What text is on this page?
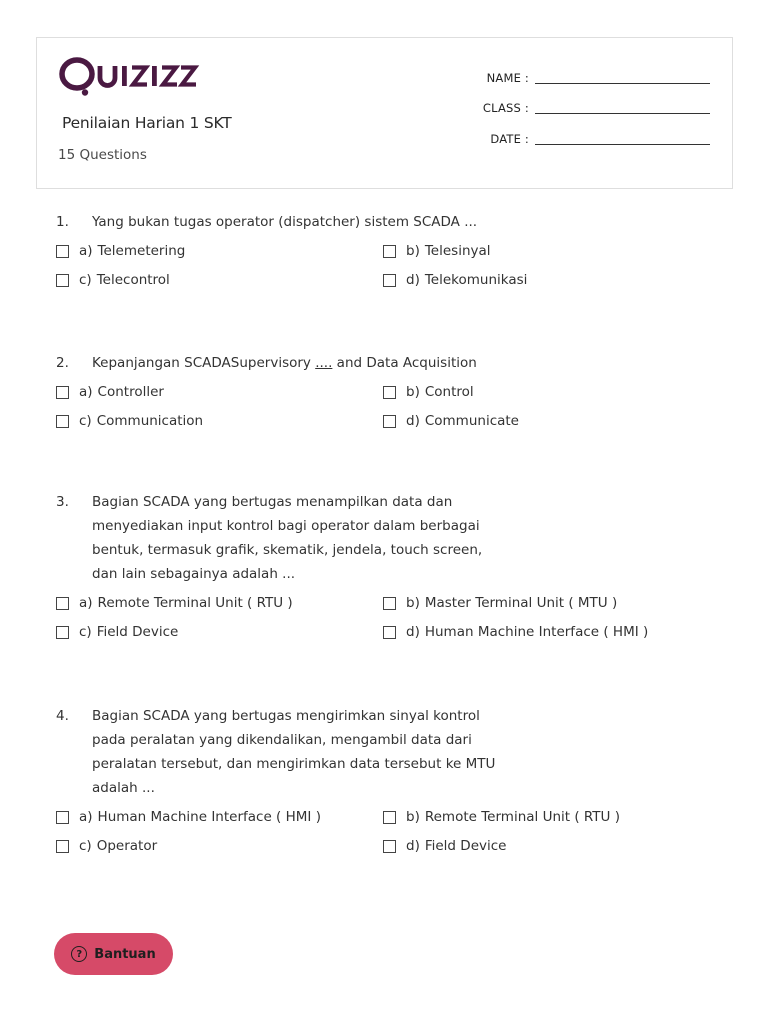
Penilaian Harian 1 SKT
15 Questions
NAME :
CLASS :
DATE :
1.	Yang bukan tugas operator (dispatcher) sistem SCADA ...
a) Telemetering	b) Telesinyal
c) Telecontrol	d) Telekomunikasi
2.	Kepanjangan SCADASupervisory .... and Data Acquisition
a) Controller	b) Control
c) Communication	d) Communicate
3.	Bagian SCADA yang bertugas menampilkan data dan
menyediakan input kontrol bagi operator dalam berbagai
bentuk, termasuk grafik, skematik, jendela, touch screen,
dan lain sebagainya adalah ...
a) Remote Terminal Unit ( RTU )	b) Master Terminal Unit ( MTU )
c) Field Device	d) Human Machine Interface ( HMI )
4.	Bagian SCADA yang bertugas mengirimkan sinyal kontrol
pada peralatan yang dikendalikan, mengambil data dari
peralatan tersebut, dan mengirimkan data tersebut ke MTU
adalah ...
a) Human Machine Interface ( HMI )	b) Remote Terminal Unit ( RTU )
c) Operator	d) Field Device
? Bantuan
